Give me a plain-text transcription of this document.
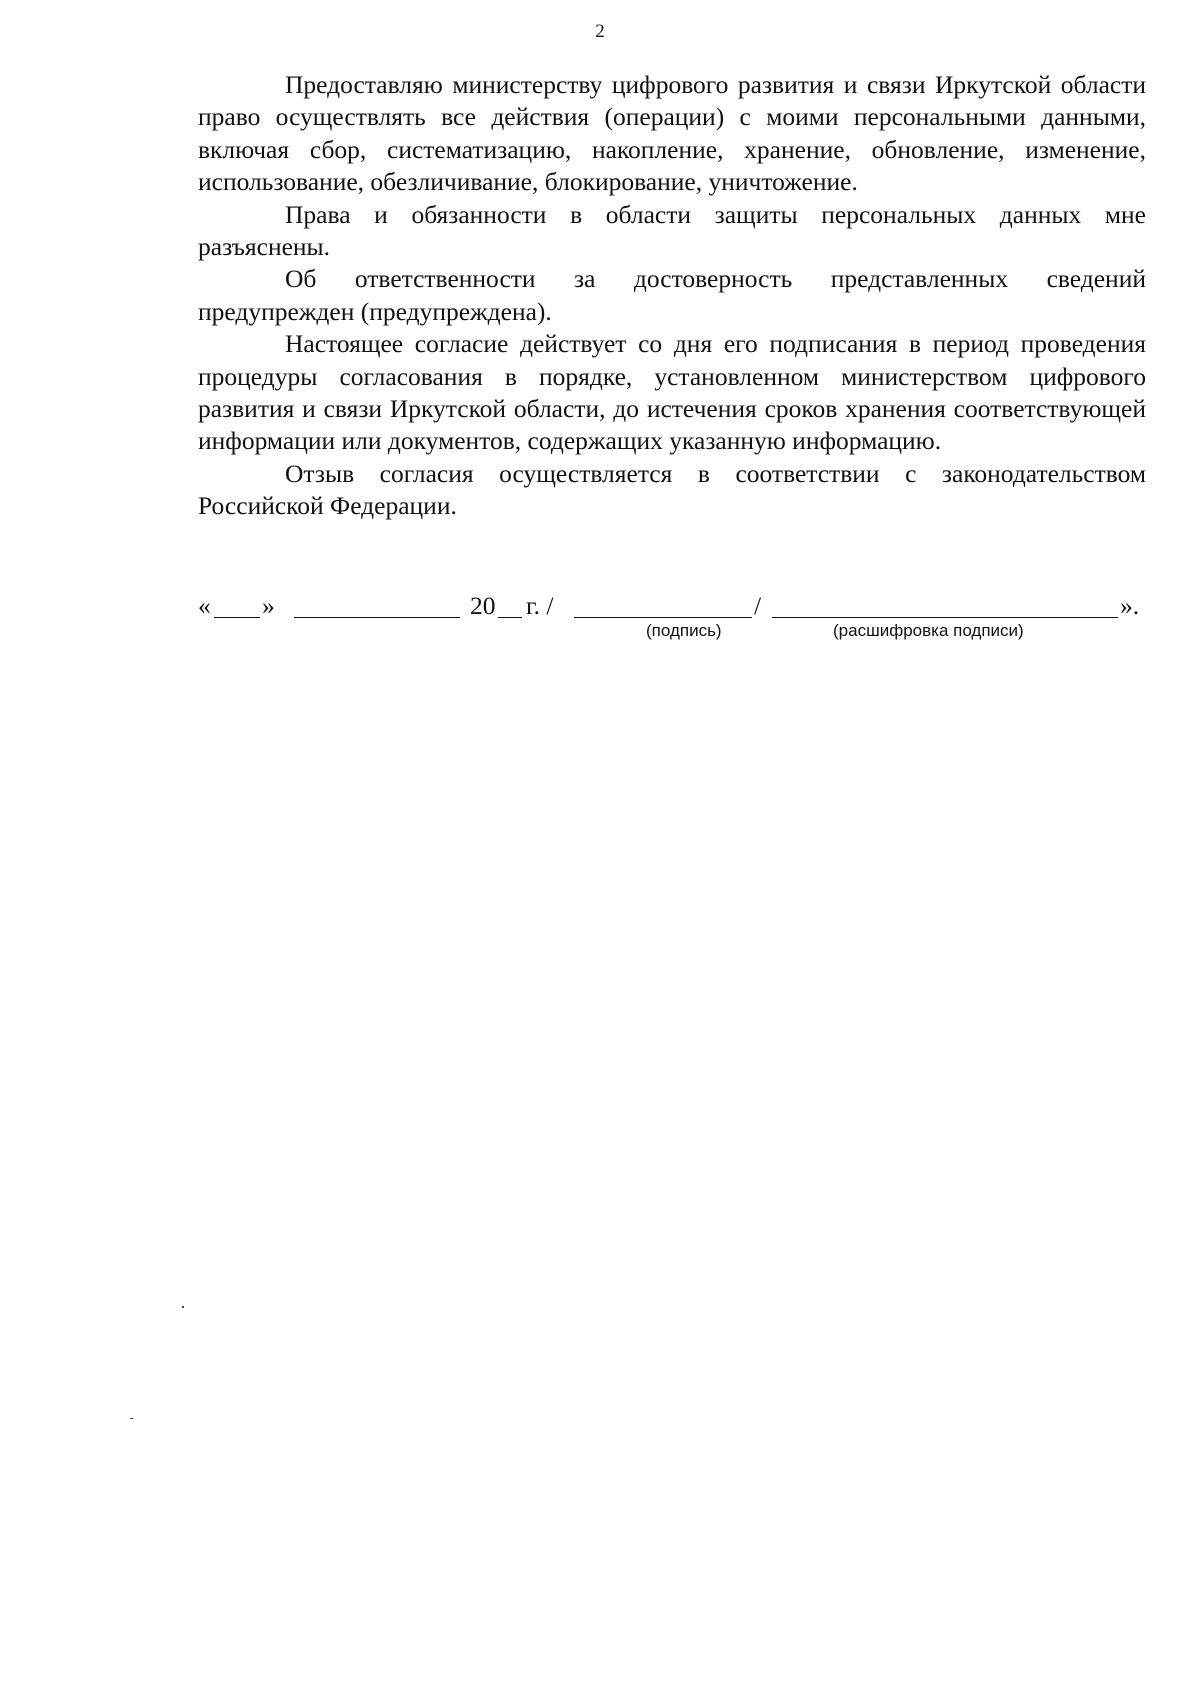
2

Предоставляю министерству цифрового развития и связи Иркутской области право осуществлять все действия (операции) с моими персональными данными, включая сбор, систематизацию, накопление, хранение, обновление, изменение, использование, обезличивание, блокирование, уничтожение.

Права и обязанности в области защиты персональных данных мне разъяснены.

Об ответственности за достоверность представленных сведений предупрежден (предупреждена).

Настоящее согласие действует со дня его подписания в период проведения процедуры согласования в порядке, установленном министерством цифрового развития и связи Иркутской области, до истечения сроков хранения соответствующей информации или документов, содержащих указанную информацию.

Отзыв согласия осуществляется в соответствии с законодательством Российской Федерации.

« »	20 г. /	/	».
(подпись)	(расшифровка подписи)
